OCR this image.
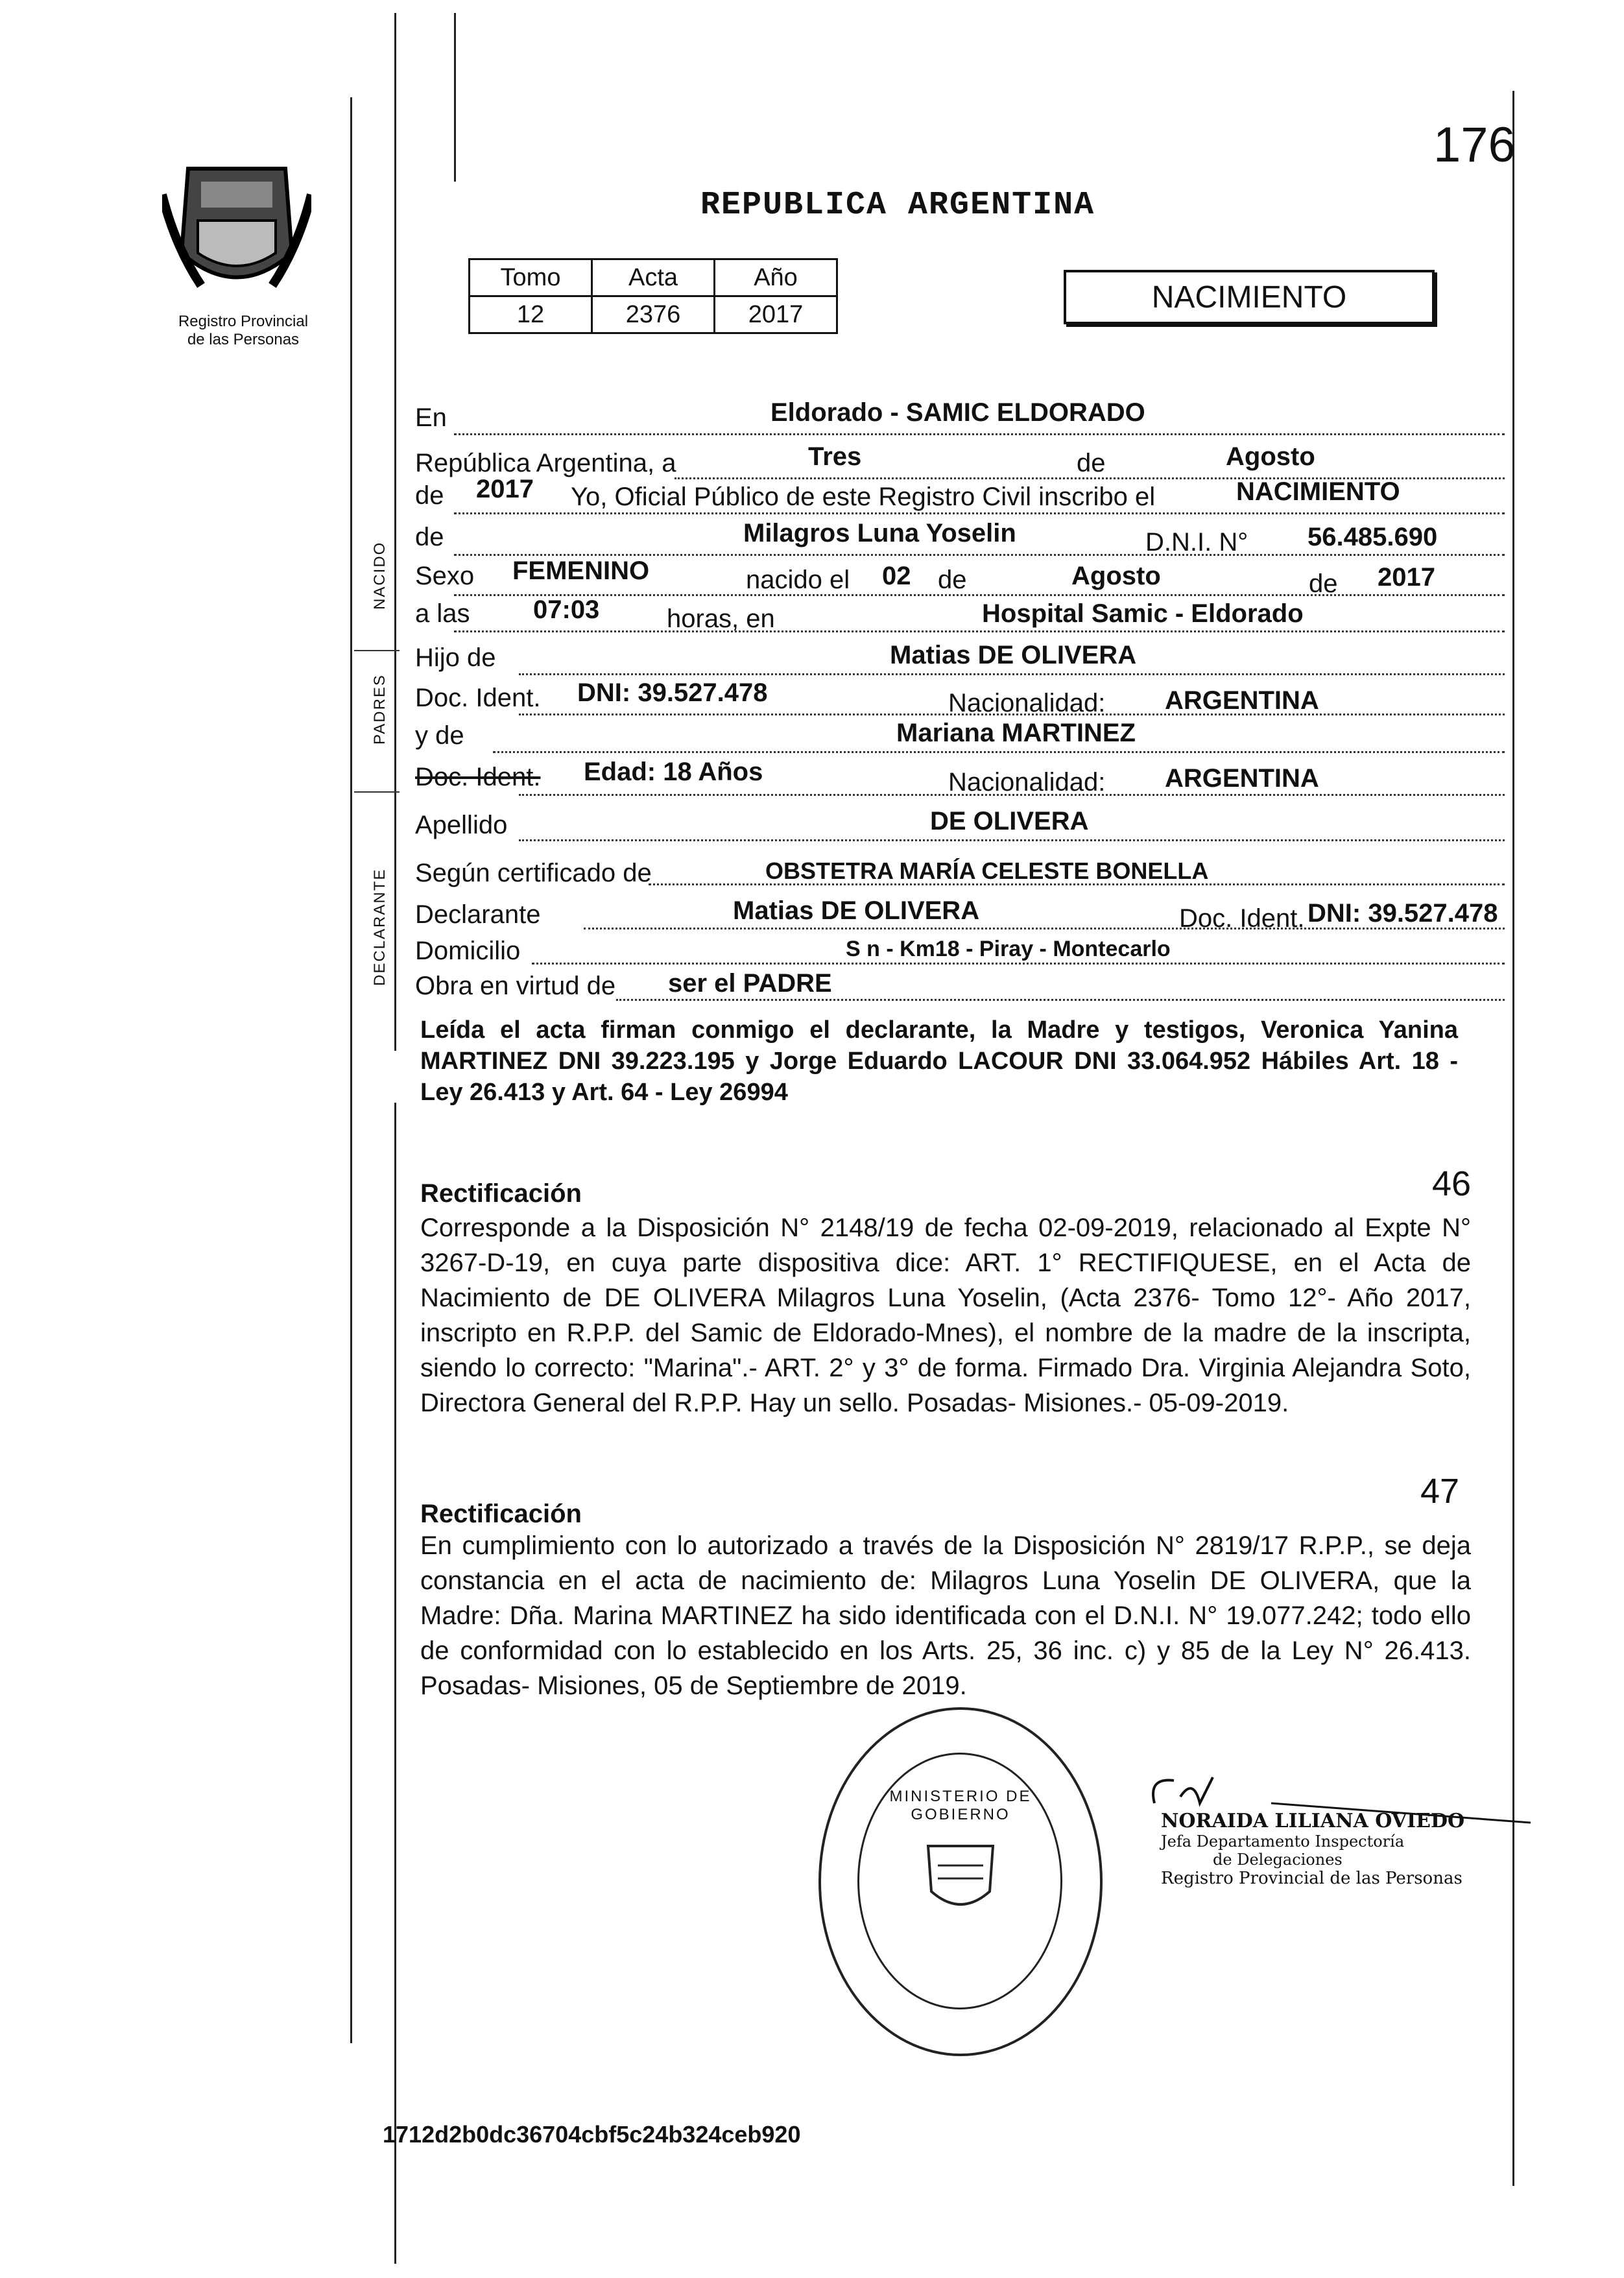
Registro Provincial
de las Personas
176
REPUBLICA ARGENTINA
Tomo	Acta	Año
12	2376	2017	NACIMIENTO
NACIDO
PADRES
DECLARANTE
En	Eldorado - SAMIC ELDORADO
República Argentina, a	Tres	de	Agosto
de 2017 Yo, Oficial Público de este Registro Civil inscribo el	NACIMIENTO
de	Milagros Luna Yoselin	D.N.I. N° 56.485.690
Sexo FEMENINO	nacido el 02 de	Agosto	de 2017
a las 07:03	horas, en	Hospital Samic - Eldorado
Hijo de	Matias DE OLIVERA
Doc. Ident. DNI: 39.527.478	Nacionalidad: ARGENTINA
y de	Mariana MARTINEZ
Doc. Ident. Edad: 18 Años	Nacionalidad: ARGENTINA
Apellido	DE OLIVERA
Según certificado de	OBSTETRA MARÍA CELESTE BONELLA
Declarante	Matias DE OLIVERA	Doc. Ident. DNI: 39.527.478
Domicilio	S n - Km18 - Piray - Montecarlo
Obra en virtud de ser el PADRE
Leída el acta firman conmigo el declarante, la Madre y testigos, Veronica Yanina MARTINEZ DNI 39.223.195 y Jorge Eduardo LACOUR DNI 33.064.952 Hábiles Art. 18 - Ley 26.413 y Art. 64 - Ley 26994
Rectificación	46
Corresponde a la Disposición N° 2148/19 de fecha 02-09-2019, relacionado al Expte N° 3267-D-19, en cuya parte dispositiva dice: ART. 1° RECTIFIQUESE, en el Acta de Nacimiento de DE OLIVERA Milagros Luna Yoselin, (Acta 2376- Tomo 12°- Año 2017, inscripto en R.P.P. del Samic de Eldorado-Mnes), el nombre de la madre de la inscripta, siendo lo correcto: "Marina".- ART. 2° y 3° de forma. Firmado Dra. Virginia Alejandra Soto, Directora General del R.P.P. Hay un sello. Posadas- Misiones.- 05-09-2019.
Rectificación
47
En cumplimiento con lo autorizado a través de la Disposición N° 2819/17 R.P.P., se deja constancia en el acta de nacimiento de: Milagros Luna Yoselin DE OLIVERA, que la Madre: Dña. Marina MARTINEZ ha sido identificada con el D.N.I. N° 19.077.242; todo ello de conformidad con lo establecido en los Arts. 25, 36 inc. c) y 85 de la Ley N° 26.413. Posadas- Misiones, 05 de Septiembre de 2019.
MINISTERIO DE GOBIERNO	NORAIDA LILIANA OVIEDO
Jefa Departamento Inspectoría
de Delegaciones
Registro Provincial de las Personas
1712d2b0dc36704cbf5c24b324ceb920
